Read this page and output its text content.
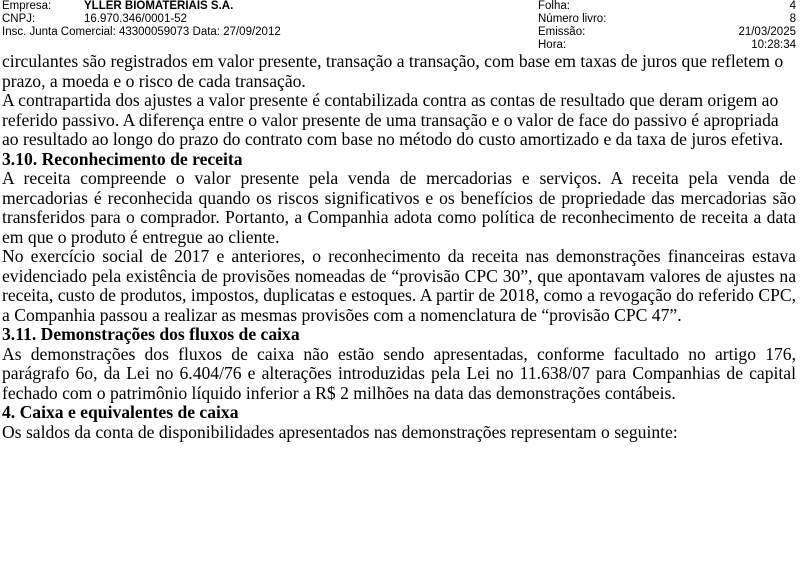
Empresa:	YLLER BIOMATERIAIS S.A.
CNPJ:	16.970.346/0001-52
Insc. Junta Comercial: 43300059073 Data: 27/09/2012
Folha:	4
Número livro:	8
Emissão:	21/03/2025
Hora:	10:28:34

circulantes são registrados em valor presente, transação a transação, com base em taxas de juros que refletem o prazo, a moeda e o risco de cada transação.

A contrapartida dos ajustes a valor presente é contabilizada contra as contas de resultado que deram origem ao referido passivo. A diferença entre o valor presente de uma transação e o valor de face do passivo é apropriada ao resultado ao longo do prazo do contrato com base no método do custo amortizado e da taxa de juros efetiva.

3.10. Reconhecimento de receita

A receita compreende o valor presente pela venda de mercadorias e serviços. A receita pela venda de mercadorias é reconhecida quando os riscos significativos e os benefícios de propriedade das mercadorias são transferidos para o comprador. Portanto, a Companhia adota como política de reconhecimento de receita a data em que o produto é entregue ao cliente.

No exercício social de 2017 e anteriores, o reconhecimento da receita nas demonstrações financeiras estava evidenciado pela existência de provisões nomeadas de “provisão CPC 30”, que apontavam valores de ajustes na receita, custo de produtos, impostos, duplicatas e estoques. A partir de 2018, como a revogação do referido CPC, a Companhia passou a realizar as mesmas provisões com a nomenclatura de “provisão CPC 47”.

3.11. Demonstrações dos fluxos de caixa

As demonstrações dos fluxos de caixa não estão sendo apresentadas, conforme facultado no artigo 176, parágrafo 6o, da Lei no 6.404/76 e alterações introduzidas pela Lei no 11.638/07 para Companhias de capital fechado com o patrimônio líquido inferior a R$ 2 milhões na data das demonstrações contábeis.

4. Caixa e equivalentes de caixa

Os saldos da conta de disponibilidades apresentados nas demonstrações representam o seguinte:
